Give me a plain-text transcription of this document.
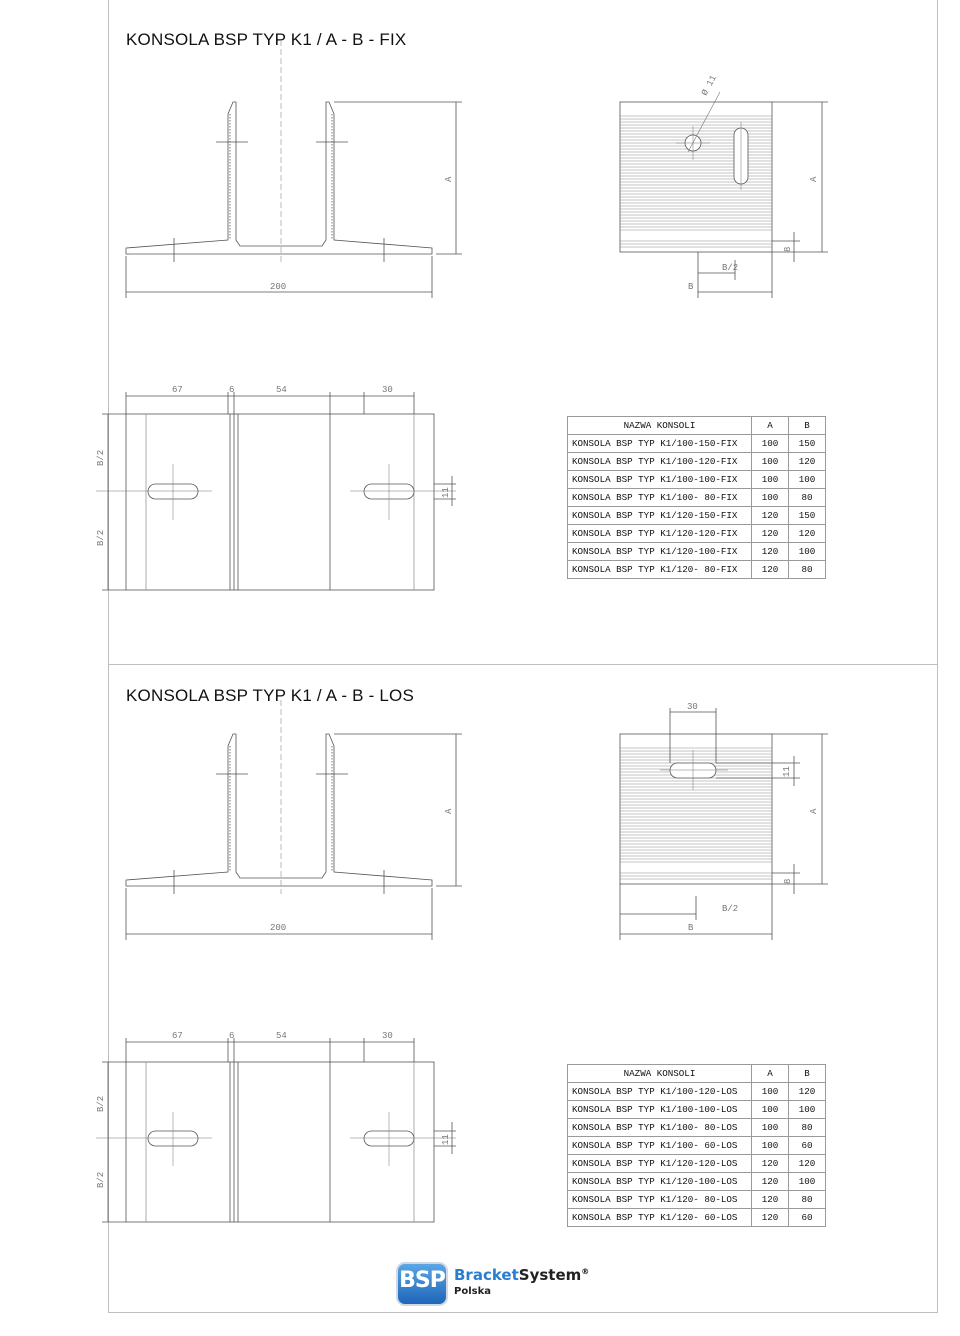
KONSOLA BSP TYP K1 / A - B - FIX
KONSOLA BSP TYP K1 / A - B - LOS
200
A	A
B
B/2
8
Ø 11
67	6	54	30
B/2
B/2
11
200
A	A
B
B/2
8
30
11
67	6	54	30
B/2
B/2
11
NAZWA KONSOLI	A	B
KONSOLA BSP TYP K1/100-150-FIX	100	150
KONSOLA BSP TYP K1/100-120-FIX	100	120
KONSOLA BSP TYP K1/100-100-FIX	100	100
KONSOLA BSP TYP K1/100- 80-FIX	100	80
KONSOLA BSP TYP K1/120-150-FIX	120	150
KONSOLA BSP TYP K1/120-120-FIX	120	120
KONSOLA BSP TYP K1/120-100-FIX	120	100
KONSOLA BSP TYP K1/120- 80-FIX	120	80
NAZWA KONSOLI	A	B
KONSOLA BSP TYP K1/100-120-LOS	100	120
KONSOLA BSP TYP K1/100-100-LOS	100	100
KONSOLA BSP TYP K1/100- 80-LOS	100	80
KONSOLA BSP TYP K1/100- 60-LOS	100	60
KONSOLA BSP TYP K1/120-120-LOS	120	120
KONSOLA BSP TYP K1/120-100-LOS	120	100
KONSOLA BSP TYP K1/120- 80-LOS	120	80
KONSOLA BSP TYP K1/120- 60-LOS	120	60
BSP BracketSystem®
Polska
